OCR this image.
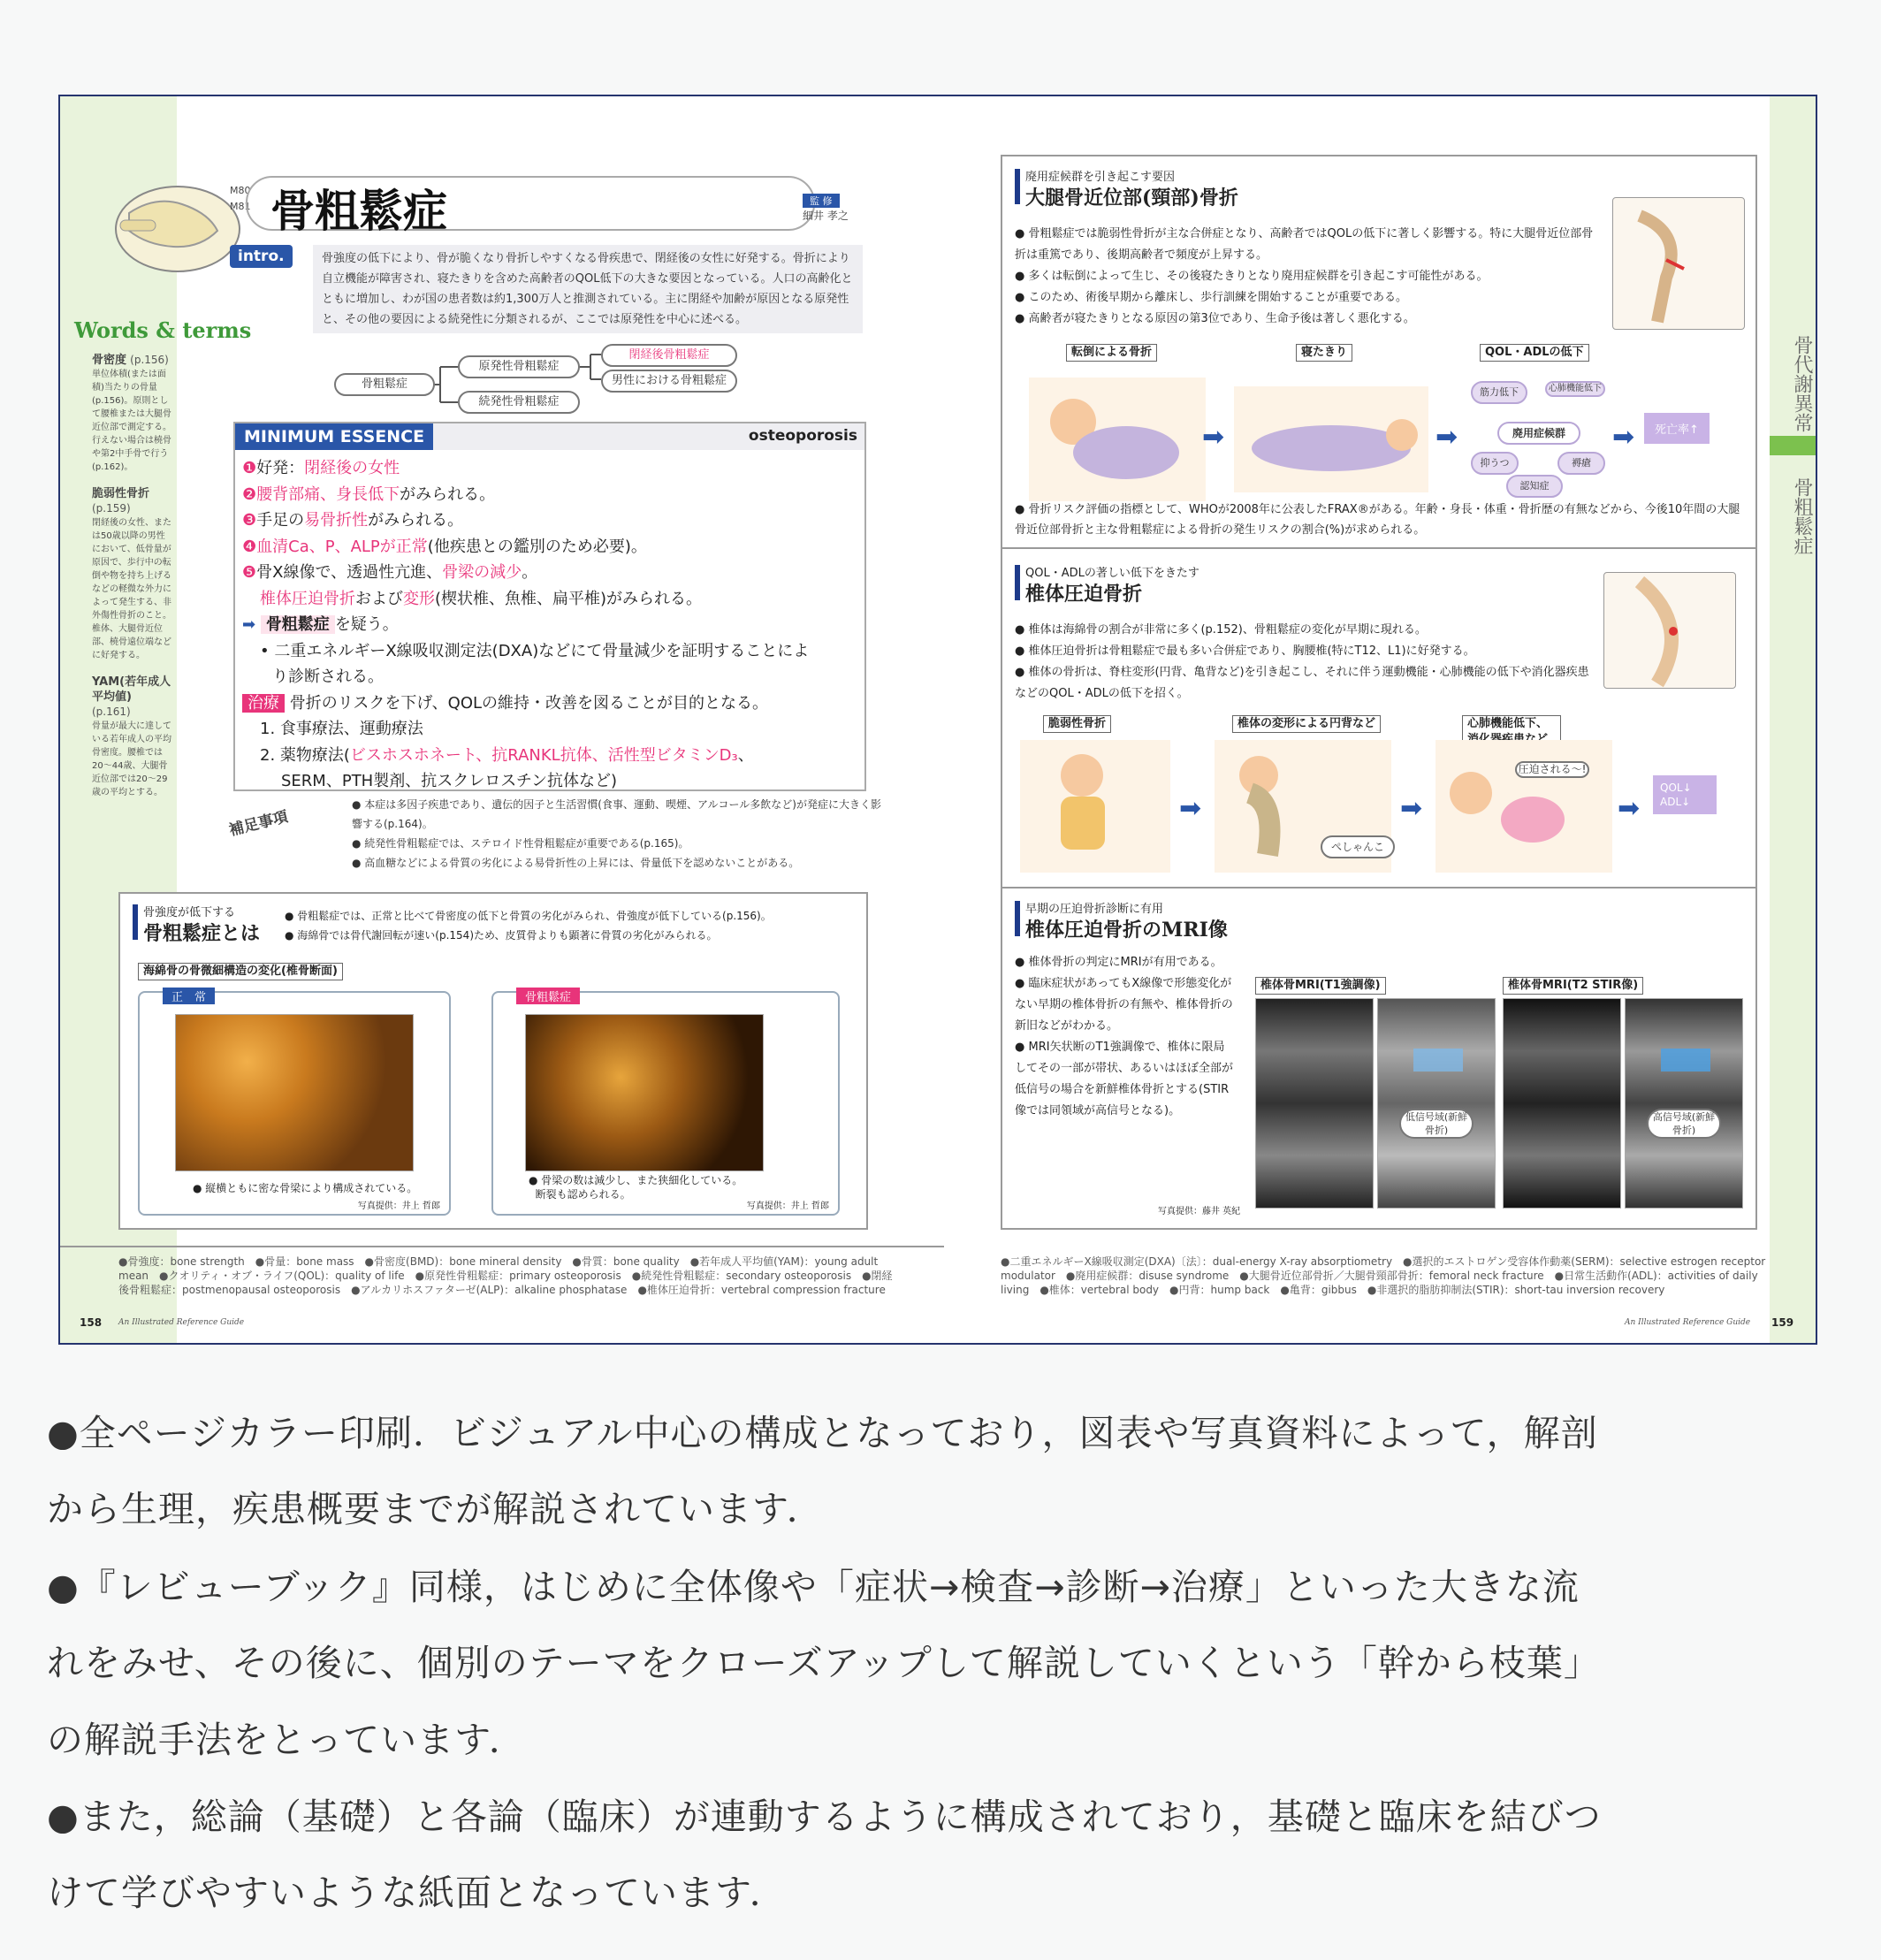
骨代謝異常
骨粗鬆症
M80
M81 骨粗鬆症	監 修
細井 孝之
intro.	骨強度の低下により、骨が脆くなり骨折しやすくなる骨疾患で、閉経後の女性に好発する。骨折により自立機能が障害され、寝たきりを含めた高齢者のQOL低下の大きな要因となっている。人口の高齢化とともに増加し、わが国の患者数は約1,300万人と推測されている。主に閉経や加齢が原因となる原発性と、その他の要因による続発性に分類されるが、ここでは原発性を中心に述べる。
Words & terms
骨密度 (p.156)
単位体積(または面積)当たりの骨量(p.156)。原則として腰椎または大腿骨近位部で測定する。行えない場合は橈骨や第2中手骨で行う(p.162)。
脆弱性骨折 (p.159)
閉経後の女性、または50歳以降の男性において、低骨量が原因で、歩行中の転倒や物を持ち上げるなどの軽微な外力によって発生する、非外傷性骨折のこと。椎体、大腿骨近位部、橈骨遠位端などに好発する。
YAM(若年成人平均値) (p.161)
骨量が最大に達している若年成人の平均骨密度。腰椎では20〜44歳、大腿骨近位部では20〜29歳の平均とする。
骨粗鬆症
原発性骨粗鬆症
続発性骨粗鬆症
閉経後骨粗鬆症
男性における骨粗鬆症
MINIMUM ESSENCE	osteoporosis
❶好発：閉経後の女性
❷腰背部痛、身長低下がみられる。
❸手足の易骨折性がみられる。
❹血清Ca、P、ALPが正常(他疾患との鑑別のため必要)。
❺骨X線像で、透過性亢進、骨梁の減少。
椎体圧迫骨折および変形(楔状椎、魚椎、扁平椎)がみられる。
➡ 骨粗鬆症 を疑う。
• 二重エネルギーX線吸収測定法(DXA)などにて骨量減少を証明することによ
り診断される。
治療 骨折のリスクを下げ、QOLの維持・改善を図ることが目的となる。
1. 食事療法、運動療法
2. 薬物療法(ビスホスホネート、抗RANKL抗体、活性型ビタミンD₃、
SERM、PTH製剤、抗スクレロスチン抗体など)
補足事項
● 本症は多因子疾患であり、遺伝的因子と生活習慣(食事、運動、喫煙、アルコール多飲など)が発症に大きく影響する(p.164)。
● 続発性骨粗鬆症では、ステロイド性骨粗鬆症が重要である(p.165)。
● 高血糖などによる骨質の劣化による易骨折性の上昇には、骨量低下を認めないことがある。
骨強度が低下する
骨粗鬆症とは
● 骨粗鬆症では、正常と比べて骨密度の低下と骨質の劣化がみられ、骨強度が低下している(p.156)。
● 海綿骨では骨代謝回転が速い(p.154)ため、皮質骨よりも顕著に骨質の劣化がみられる。
海綿骨の骨微細構造の変化(椎骨断面)
正　常
● 縦横ともに密な骨梁により構成されている。
写真提供：井上 哲郎
骨粗鬆症
● 骨梁の数は減少し、また狭細化している。
断裂も認められる。
写真提供：井上 哲郎
●骨強度：bone strength　●骨量：bone mass　●骨密度(BMD)：bone mineral density　●骨質：bone quality　●若年成人平均値(YAM)：young adult mean　●クオリティ・オブ・ライフ(QOL)：quality of life　●原発性骨粗鬆症：primary osteoporosis　●続発性骨粗鬆症：secondary osteoporosis　●閉経後骨粗鬆症：postmenopausal osteoporosis　●アルカリホスファターゼ(ALP)：alkaline phosphatase　●椎体圧迫骨折：vertebral compression fracture
158 An Illustrated Reference Guide
廃用症候群を引き起こす要因
大腿骨近位部(頸部)骨折
● 骨粗鬆症では脆弱性骨折が主な合併症となり、高齢者ではQOLの低下に著しく影響する。特に大腿骨近位部骨折は重篤であり、後期高齢者で頻度が上昇する。
● 多くは転倒によって生じ、その後寝たきりとなり廃用症候群を引き起こす可能性がある。
● このため、術後早期から離床し、歩行訓練を開始することが重要である。
● 高齢者が寝たきりとなる原因の第3位であり、生命予後は著しく悪化する。
転倒による骨折	寝たきり	QOL・ADLの低下
➡	➡
筋力低下	心肺機能低下
廃用症候群
抑うつ	褥瘡
認知症
➡	死亡率↑
● 骨折リスク評価の指標として、WHOが2008年に公表したFRAX®がある。年齢・身長・体重・骨折歴の有無などから、今後10年間の大腿骨近位部骨折と主な骨粗鬆症による骨折の発生リスクの割合(%)が求められる。
QOL・ADLの著しい低下をきたす
椎体圧迫骨折
● 椎体は海綿骨の割合が非常に多く(p.152)、骨粗鬆症の変化が早期に現れる。
● 椎体圧迫骨折は骨粗鬆症で最も多い合併症であり、胸腰椎(特にT12、L1)に好発する。
● 椎体の骨折は、脊柱変形(円背、亀背など)を引き起こし、それに伴う運動機能・心肺機能の低下や消化器疾患などのQOL・ADLの低下を招く。
脆弱性骨折	椎体の変形による円背など	心肺機能低下、
➡
ぺしゃんこ
➡
圧迫される〜!
➡
QOL↓ ADL↓
早期の圧迫骨折診断に有用
椎体圧迫骨折のMRI像
● 椎体骨折の判定にMRIが有用である。
● 臨床症状があってもX線像で形態変化がない早期の椎体骨折の有無や、椎体骨折の新旧などがわかる。
● MRI矢状断のT1強調像で、椎体に限局してその一部が帯状、あるいはほぼ全部が低信号の場合を新鮮椎体骨折とする(STIR像では同領域が高信号となる)。
写真提供：藤井 英紀
椎体骨MRI(T1強調像)	椎体骨MRI(T2 STIR像)
低信号域(新鮮骨折)
高信号域(新鮮骨折)
●二重エネルギーX線吸収測定(DXA)〔法〕：dual-energy X-ray absorptiometry　●選択的エストロゲン受容体作動薬(SERM)：selective estrogen receptor modulator　●廃用症候群：disuse syndrome　●大腿骨近位部骨折／大腿骨頸部骨折：femoral neck fracture　●日常生活動作(ADL)：activities of daily living　●椎体：vertebral body　●円背：hump back　●亀背：gibbus　●非選択的脂肪抑制法(STIR)：short-tau inversion recovery
An Illustrated Reference Guide 159
●全ページカラー印刷．ビジュアル中心の構成となっており，図表や写真資料によって，解剖
から生理，疾患概要までが解説されています．
●『レビューブック』同様，はじめに全体像や「症状→検査→診断→治療」といった大きな流
れをみせ、その後に、個別のテーマをクローズアップして解説していくという「幹から枝葉」
の解説手法をとっています．
●また，総論（基礎）と各論（臨床）が連動するように構成されており，基礎と臨床を結びつ
けて学びやすいような紙面となっています．
